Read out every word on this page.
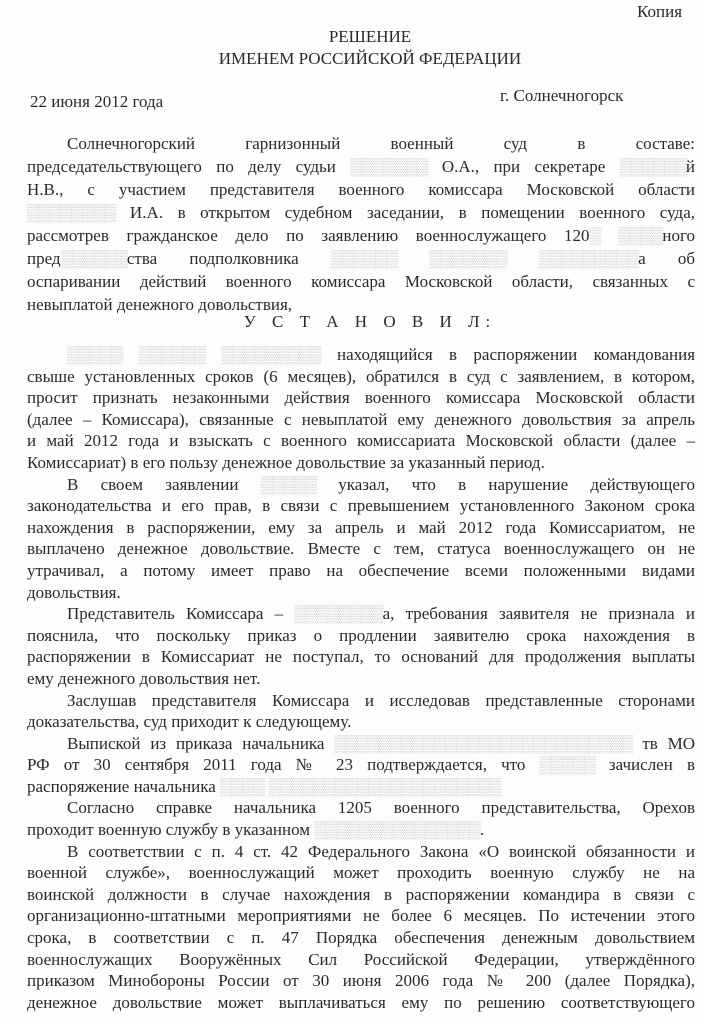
Копия
РЕШЕНИЕ
ИМЕНЕМ РОССИЙСКОЙ ФЕДЕРАЦИИ
22 июня 2012 года	г. Солнечногорск
Солнечногорский гарнизонный военный суд в составе:
председательствующего по делу судьи ▒▒▒▒▒▒▒ О.А., при секретаре ▒▒▒▒▒▒й
Н.В., с участием представителя военного комиссара Московской области
▒▒▒▒▒▒▒▒ И.А. в открытом судебном заседании, в помещении военного суда,
рассмотрев гражданское дело по заявлению военнослужащего 120▒ ▒▒▒▒ного
пред▒▒▒▒▒▒ства подполковника ▒▒▒▒▒▒ ▒▒▒▒▒▒▒ ▒▒▒▒▒▒▒▒▒а об
оспаривании действий военного комиссара Московской области, связанных с
невыплатой денежного довольствия,
У С Т А Н О В И Л:
▒▒▒▒▒ ▒▒▒▒▒▒ ▒▒▒▒▒▒▒▒▒ находящийся в распоряжении командования
свыше установленных сроков (6 месяцев), обратился в суд с заявлением, в котором,
просит признать незаконными действия военного комиссара Московской области
(далее – Комиссара), связанные с невыплатой ему денежного довольствия за апрель
и май 2012 года и взыскать с военного комиссариата Московской области (далее –
Комиссариат) в его пользу денежное довольствие за указанный период.
В своем заявлении ▒▒▒▒▒ указал, что в нарушение действующего
законодательства и его прав, в связи с превышением установленного Законом срока
нахождения в распоряжении, ему за апрель и май 2012 года Комиссариатом, не
выплачено денежное довольствие. Вместе с тем, статуса военнослужащего он не
утрачивал, а потому имеет право на обеспечение всеми положенными видами
довольствия.
Представитель Комиссара – ▒▒▒▒▒▒▒▒а, требования заявителя не признала и
пояснила, что поскольку приказ о продлении заявителю срока нахождения в
распоряжении в Комиссариат не поступал, то оснований для продолжения выплаты
ему денежного довольствия нет.
Заслушав представителя Комиссара и исследовав представленные сторонами
доказательства, суд приходит к следующему.
Выпиской из приказа начальника ▒▒▒▒▒▒▒▒▒▒▒▒▒▒▒▒▒▒▒▒▒▒▒▒▒▒▒ тв МО
РФ от 30 сентября 2011 года № 23 подтверждается, что ▒▒▒▒▒ зачислен в
распоряжение начальника ▒▒▒▒ ▒▒▒▒▒▒▒▒▒▒▒▒▒▒▒▒▒▒▒▒▒
Согласно справке начальника 1205 военного представительства, Орехов
проходит военную службу в указанном ▒▒▒▒▒▒▒▒▒▒▒▒▒▒▒.
В соответствии с п. 4 ст. 42 Федерального Закона «О воинской обязанности и
военной службе», военнослужащий может проходить военную службу не на
воинской должности в случае нахождения в распоряжении командира в связи с
организационно-штатными мероприятиями не более 6 месяцев. По истечении этого
срока, в соответствии с п. 47 Порядка обеспечения денежным довольствием
военнослужащих Вооружённых Сил Российской Федерации, утверждённого
приказом Минобороны России от 30 июня 2006 года № 200 (далее Порядка),
денежное довольствие может выплачиваться ему по решению соответствующего
